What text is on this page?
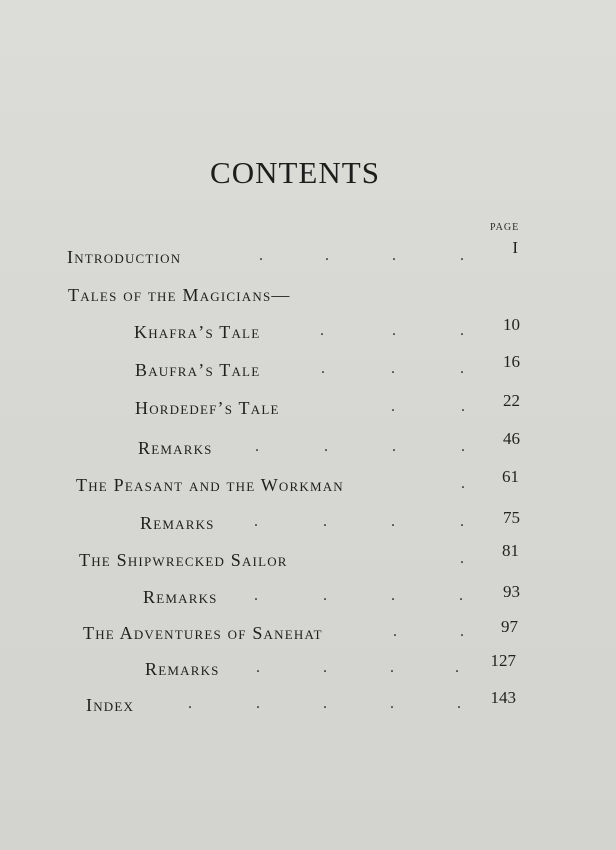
CONTENTS
PAGE
Introduction	.	.	.	.	I
Tales of the Magicians—
Khafra’s Tale	.	.	.	10
Baufra’s Tale	.	.	.	16
Hordedef’s Tale	.	.	22
Remarks	.	.	.	.	46
The Peasant and the Workman	.	61
Remarks .	.	.	.	75
The Shipwrecked Sailor	.	81
Remarks .	.	.	.	93
The Adventures of Sanehat	.	.	97
Remarks .	.	.	.	127
Index	.	.	.	.	.	143
